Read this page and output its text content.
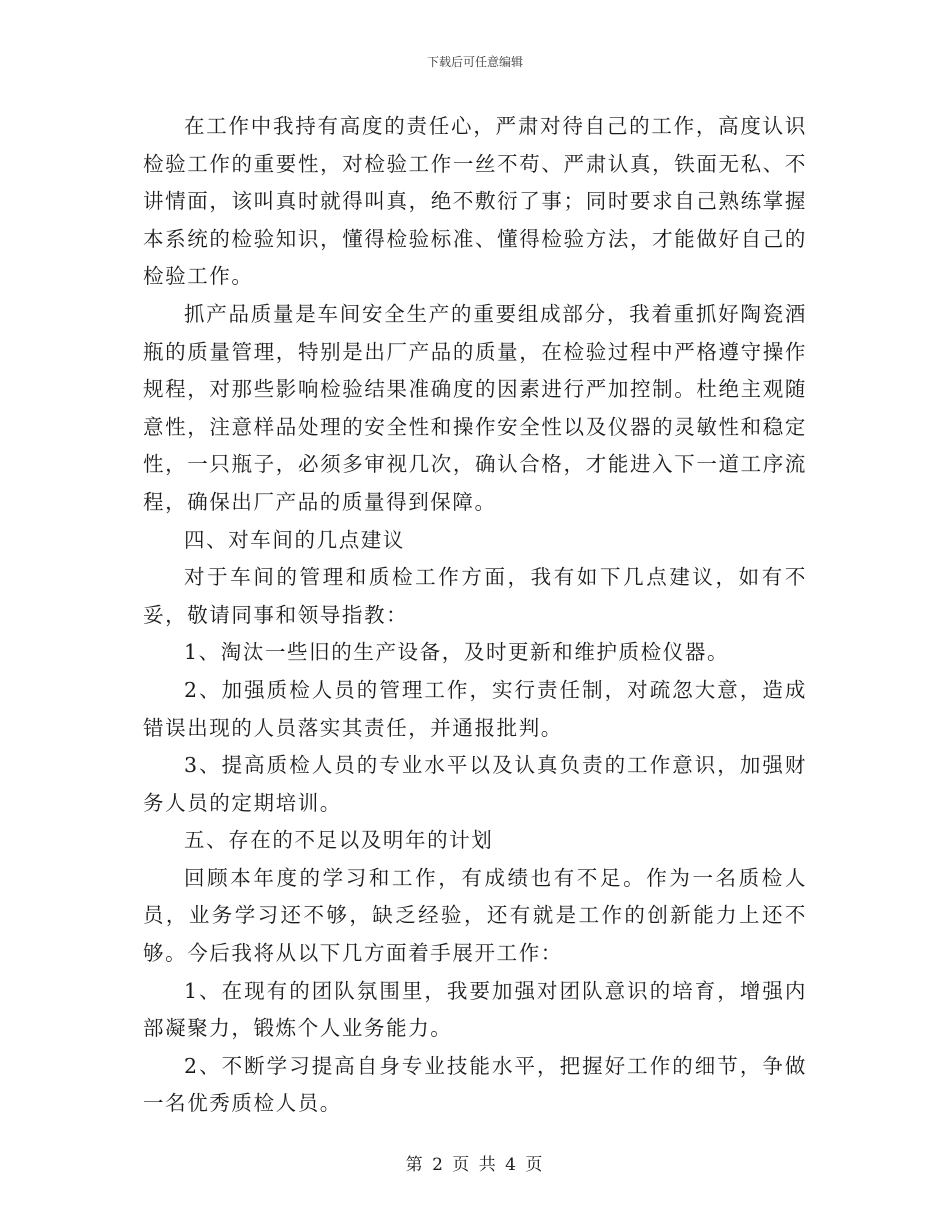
下载后可任意编辑

在工作中我持有高度的责任心，严肃对待自己的工作，高度认识检验工作的重要性，对检验工作一丝不苟、严肃认真，铁面无私、不讲情面，该叫真时就得叫真，绝不敷衍了事；同时要求自己熟练掌握本系统的检验知识，懂得检验标准、懂得检验方法，才能做好自己的检验工作。

抓产品质量是车间安全生产的重要组成部分，我着重抓好陶瓷酒瓶的质量管理，特别是出厂产品的质量，在检验过程中严格遵守操作规程，对那些影响检验结果准确度的因素进行严加控制。杜绝主观随意性，注意样品处理的安全性和操作安全性以及仪器的灵敏性和稳定性，一只瓶子，必须多审视几次，确认合格，才能进入下一道工序流程，确保出厂产品的质量得到保障。

四、对车间的几点建议

对于车间的管理和质检工作方面，我有如下几点建议，如有不妥，敬请同事和领导指教：

1、淘汰一些旧的生产设备，及时更新和维护质检仪器。

2、加强质检人员的管理工作，实行责任制，对疏忽大意，造成错误出现的人员落实其责任，并通报批判。

3、提高质检人员的专业水平以及认真负责的工作意识，加强财务人员的定期培训。

五、存在的不足以及明年的计划

回顾本年度的学习和工作，有成绩也有不足。作为一名质检人员，业务学习还不够，缺乏经验，还有就是工作的创新能力上还不够。今后我将从以下几方面着手展开工作：

1、在现有的团队氛围里，我要加强对团队意识的培育，增强内部凝聚力，锻炼个人业务能力。

2、不断学习提高自身专业技能水平，把握好工作的细节，争做一名优秀质检人员。

第 2 页 共 4 页
